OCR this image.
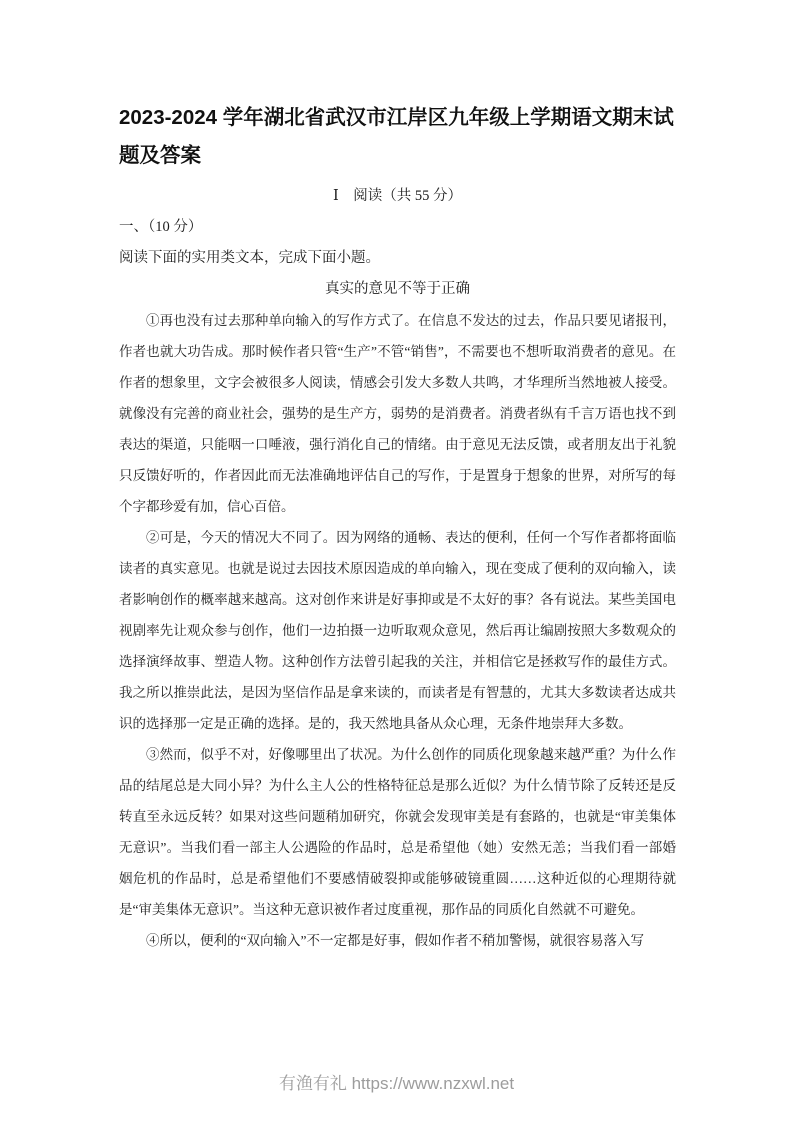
2023-2024 学年湖北省武汉市江岸区九年级上学期语文期末试题及答案
Ⅰ　阅读（共 55 分）
一、（10 分）
阅读下面的实用类文本，完成下面小题。
真实的意见不等于正确

①再也没有过去那种单向输入的写作方式了。在信息不发达的过去，作品只要见诸报刊，作者也就大功告成。那时候作者只管“生产”不管“销售”，不需要也不想听取消费者的意见。在作者的想象里，文字会被很多人阅读，情感会引发大多数人共鸣，才华理所当然地被人接受。就像没有完善的商业社会，强势的是生产方，弱势的是消费者。消费者纵有千言万语也找不到表达的渠道，只能咽一口唾液，强行消化自己的情绪。由于意见无法反馈，或者朋友出于礼貌只反馈好听的，作者因此而无法准确地评估自己的写作，于是置身于想象的世界，对所写的每个字都珍爱有加，信心百倍。

②可是，今天的情况大不同了。因为网络的通畅、表达的便利，任何一个写作者都将面临读者的真实意见。也就是说过去因技术原因造成的单向输入，现在变成了便利的双向输入，读者影响创作的概率越来越高。这对创作来讲是好事抑或是不太好的事？各有说法。某些美国电视剧率先让观众参与创作，他们一边拍摄一边听取观众意见，然后再让编剧按照大多数观众的选择演绎故事、塑造人物。这种创作方法曾引起我的关注，并相信它是拯救写作的最佳方式。我之所以推崇此法，是因为坚信作品是拿来读的，而读者是有智慧的，尤其大多数读者达成共识的选择那一定是正确的选择。是的，我天然地具备从众心理，无条件地崇拜大多数。

③然而，似乎不对，好像哪里出了状况。为什么创作的同质化现象越来越严重？为什么作品的结尾总是大同小异？为什么主人公的性格特征总是那么近似？为什么情节除了反转还是反转直至永远反转？如果对这些问题稍加研究，你就会发现审美是有套路的，也就是“审美集体无意识”。当我们看一部主人公遇险的作品时，总是希望他（她）安然无恙；当我们看一部婚姻危机的作品时，总是希望他们不要感情破裂抑或能够破镜重圆……这种近似的心理期待就是“审美集体无意识”。当这种无意识被作者过度重视，那作品的同质化自然就不可避免。

④所以，便利的“双向输入”不一定都是好事，假如作者不稍加警惕，就很容易落入写

有渔有礼 https://www.nzxwl.net
